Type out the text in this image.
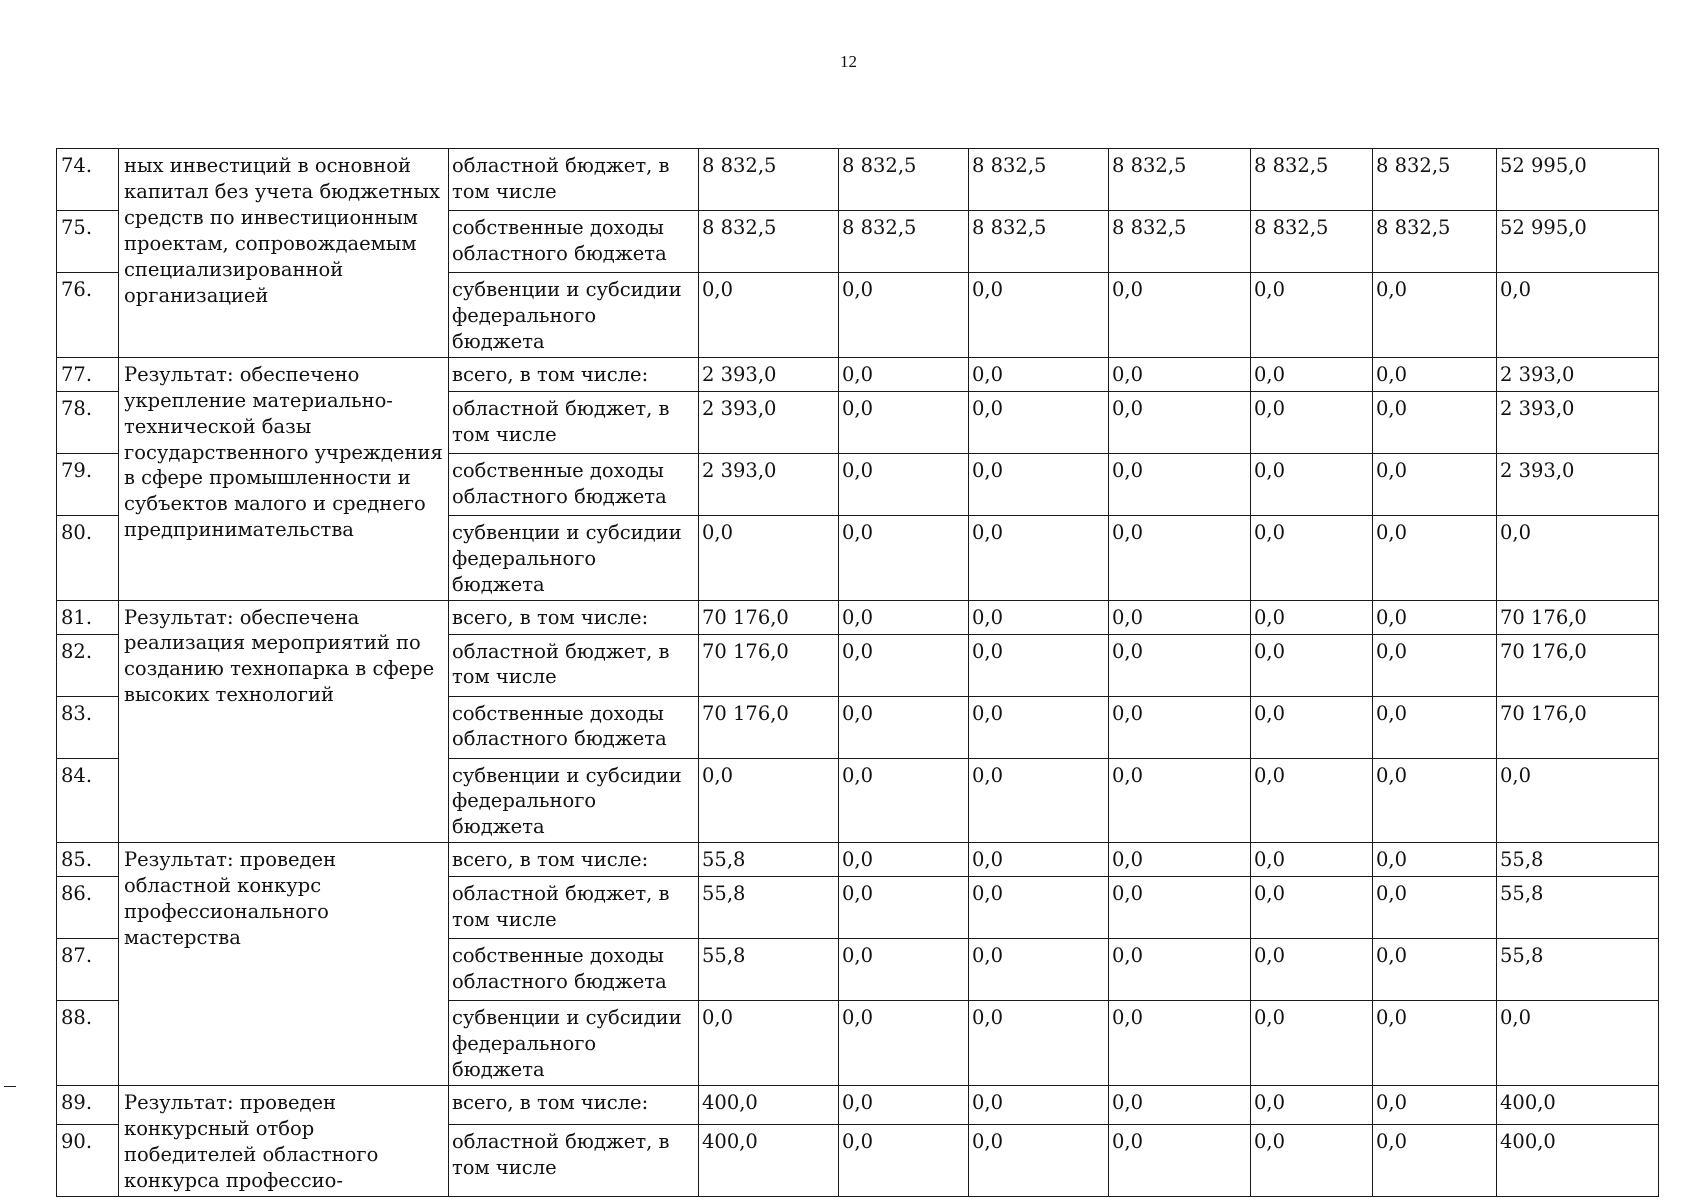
12
74.	ных инвестиций в основной капитал без учета бюджетных средств по инвестиционным проектам, сопровождаемым специализированной организацией	областной бюджет, в том числе	8 832,5	8 832,5	8 832,5	8 832,5	8 832,5	8 832,5	52 995,0
75.		собственные доходы областного бюджета	8 832,5	8 832,5	8 832,5	8 832,5	8 832,5	8 832,5	52 995,0
76.		субвенции и субсидии федерального бюджета	0,0	0,0	0,0	0,0	0,0	0,0	0,0
77.	Результат: обеспечено укрепление материально-технической базы государственного учреждения в сфере промышленности и субъектов малого и среднего предпринимательства	всего, в том числе:	2 393,0	0,0	0,0	0,0	0,0	0,0	2 393,0
78.		областной бюджет, в том числе	2 393,0	0,0	0,0	0,0	0,0	0,0	2 393,0
79.		собственные доходы областного бюджета	2 393,0	0,0	0,0	0,0	0,0	0,0	2 393,0
80.		субвенции и субсидии федерального бюджета	0,0	0,0	0,0	0,0	0,0	0,0	0,0
81.	Результат: обеспечена реализация мероприятий по созданию технопарка в сфере высоких технологий	всего, в том числе:	70 176,0	0,0	0,0	0,0	0,0	0,0	70 176,0
82.		областной бюджет, в том числе	70 176,0	0,0	0,0	0,0	0,0	0,0	70 176,0
83.		собственные доходы областного бюджета	70 176,0	0,0	0,0	0,0	0,0	0,0	70 176,0
84.		субвенции и субсидии федерального бюджета	0,0	0,0	0,0	0,0	0,0	0,0	0,0
85.	Результат: проведен областной конкурс профессионального мастерства	всего, в том числе:	55,8	0,0	0,0	0,0	0,0	0,0	55,8
86.		областной бюджет, в том числе	55,8	0,0	0,0	0,0	0,0	0,0	55,8
87.		собственные доходы областного бюджета	55,8	0,0	0,0	0,0	0,0	0,0	55,8
88.		субвенции и субсидии федерального бюджета	0,0	0,0	0,0	0,0	0,0	0,0	0,0
89.	Результат: проведен конкурсный отбор победителей областного конкурса профессио-	всего, в том числе:	400,0	0,0	0,0	0,0	0,0	0,0	400,0
90.		областной бюджет, в том числе	400,0	0,0	0,0	0,0	0,0	0,0	400,0
